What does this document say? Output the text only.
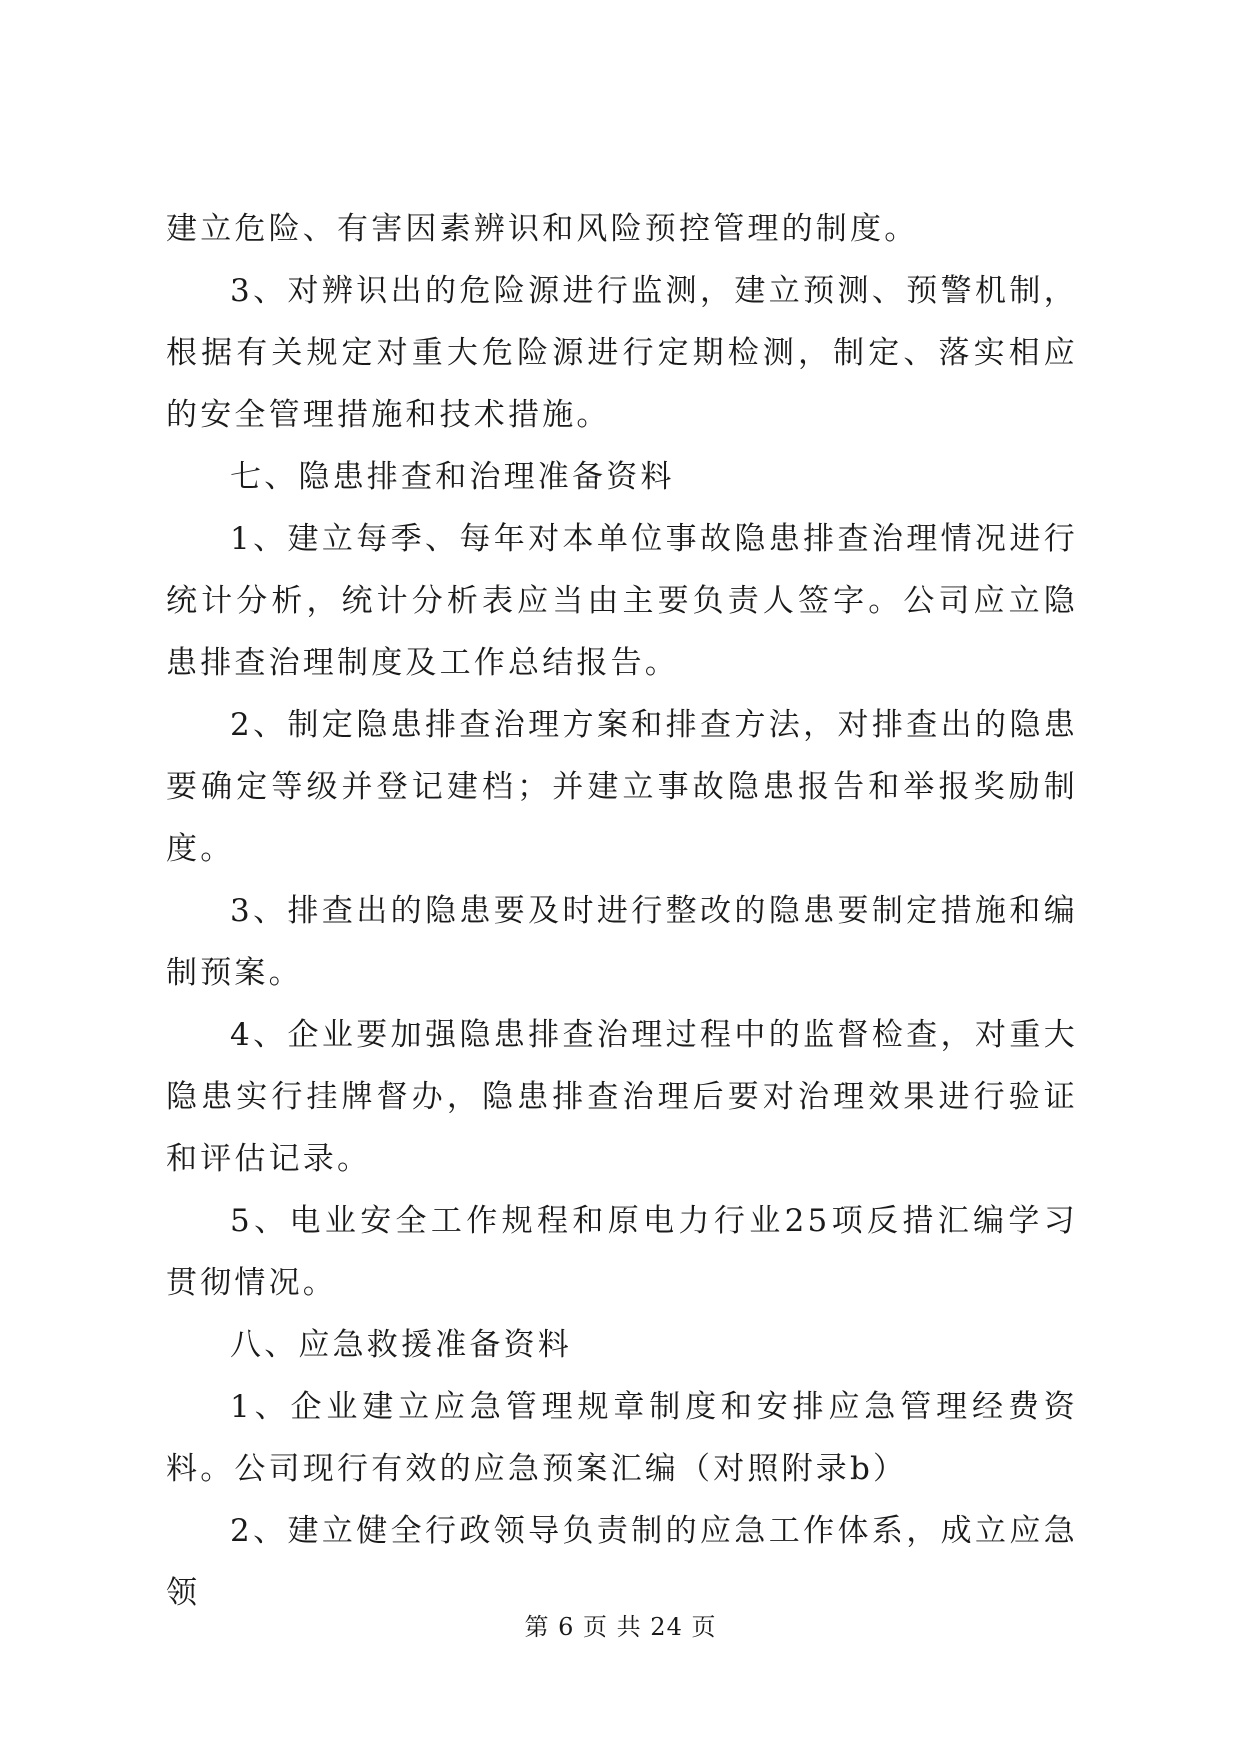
建立危险、有害因素辨识和风险预控管理的制度。

3、对辨识出的危险源进行监测，建立预测、预警机制，根据有关规定对重大危险源进行定期检测，制定、落实相应的安全管理措施和技术措施。

七、隐患排查和治理准备资料

1、建立每季、每年对本单位事故隐患排查治理情况进行统计分析，统计分析表应当由主要负责人签字。公司应立隐患排查治理制度及工作总结报告。

2、制定隐患排查治理方案和排查方法，对排查出的隐患要确定等级并登记建档；并建立事故隐患报告和举报奖励制度。

3、排查出的隐患要及时进行整改的隐患要制定措施和编制预案。

4、企业要加强隐患排查治理过程中的监督检查，对重大隐患实行挂牌督办，隐患排查治理后要对治理效果进行验证和评估记录。

5、电业安全工作规程和原电力行业25项反措汇编学习贯彻情况。

八、应急救援准备资料

1、企业建立应急管理规章制度和安排应急管理经费资料。公司现行有效的应急预案汇编（对照附录b）

2、建立健全行政领导负责制的应急工作体系，成立应急领

第 6 页 共 24 页
